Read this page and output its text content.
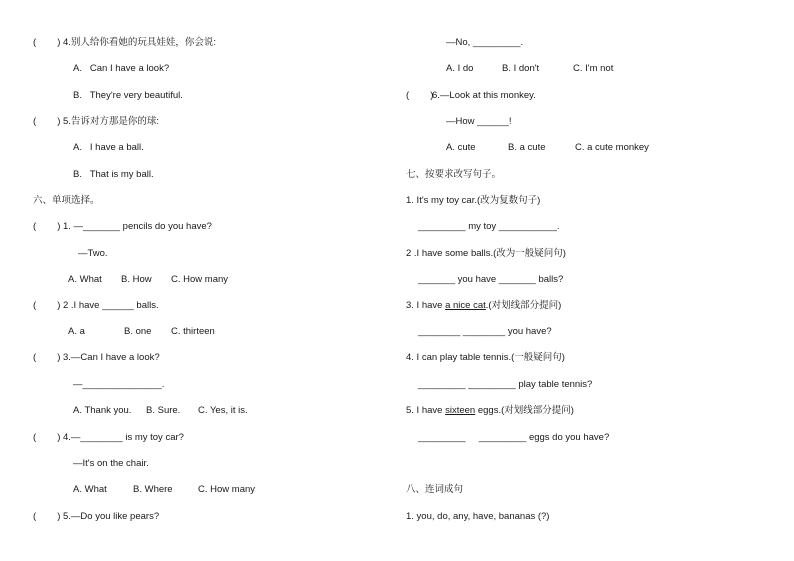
(        ) 4.别人给你看她的玩具娃娃，你会说:
A.   Can I have a look?
B.   They're very beautiful.
(        ) 5.告诉对方那是你的球:
A.   I have a ball.
B.   That is my ball.
六、单项选择。
(        ) 1. —_______ pencils do you have?
—Two.
A. What B. How C. How many
(        ) 2 .I have ______ balls.
A. a	B. one C. thirteen
(        ) 3.—Can I have a look?
—_______________.
A. Thank you. B. Sure. C. Yes, it is.
(        ) 4.—________ is my toy car?
—It's on the chair.
A. What	B. Where	C. How many
(        ) 5.—Do you like pears?
—No, _________.
A. I do	B. I don't	C. I'm not
(        )
6.—Look at this monkey.
—How ______!
A. cute	B. a cute	C. a cute monkey
七、按要求改写句子。
1. It's my toy car.(改为复数句子)
_________ my toy ___________.
2 .I have some balls.(改为一般疑问句)
_______ you have _______ balls?
3. I have a nice cat.(对划线部分提问)
________ ________ you have?
4. I can play table tennis.(一般疑问句)
_________ _________ play table tennis?
5. I have sixteen eggs.(对划线部分提问)
_________     _________ eggs do you have?
八、连词成句
1. you, do, any, have, bananas (?)
